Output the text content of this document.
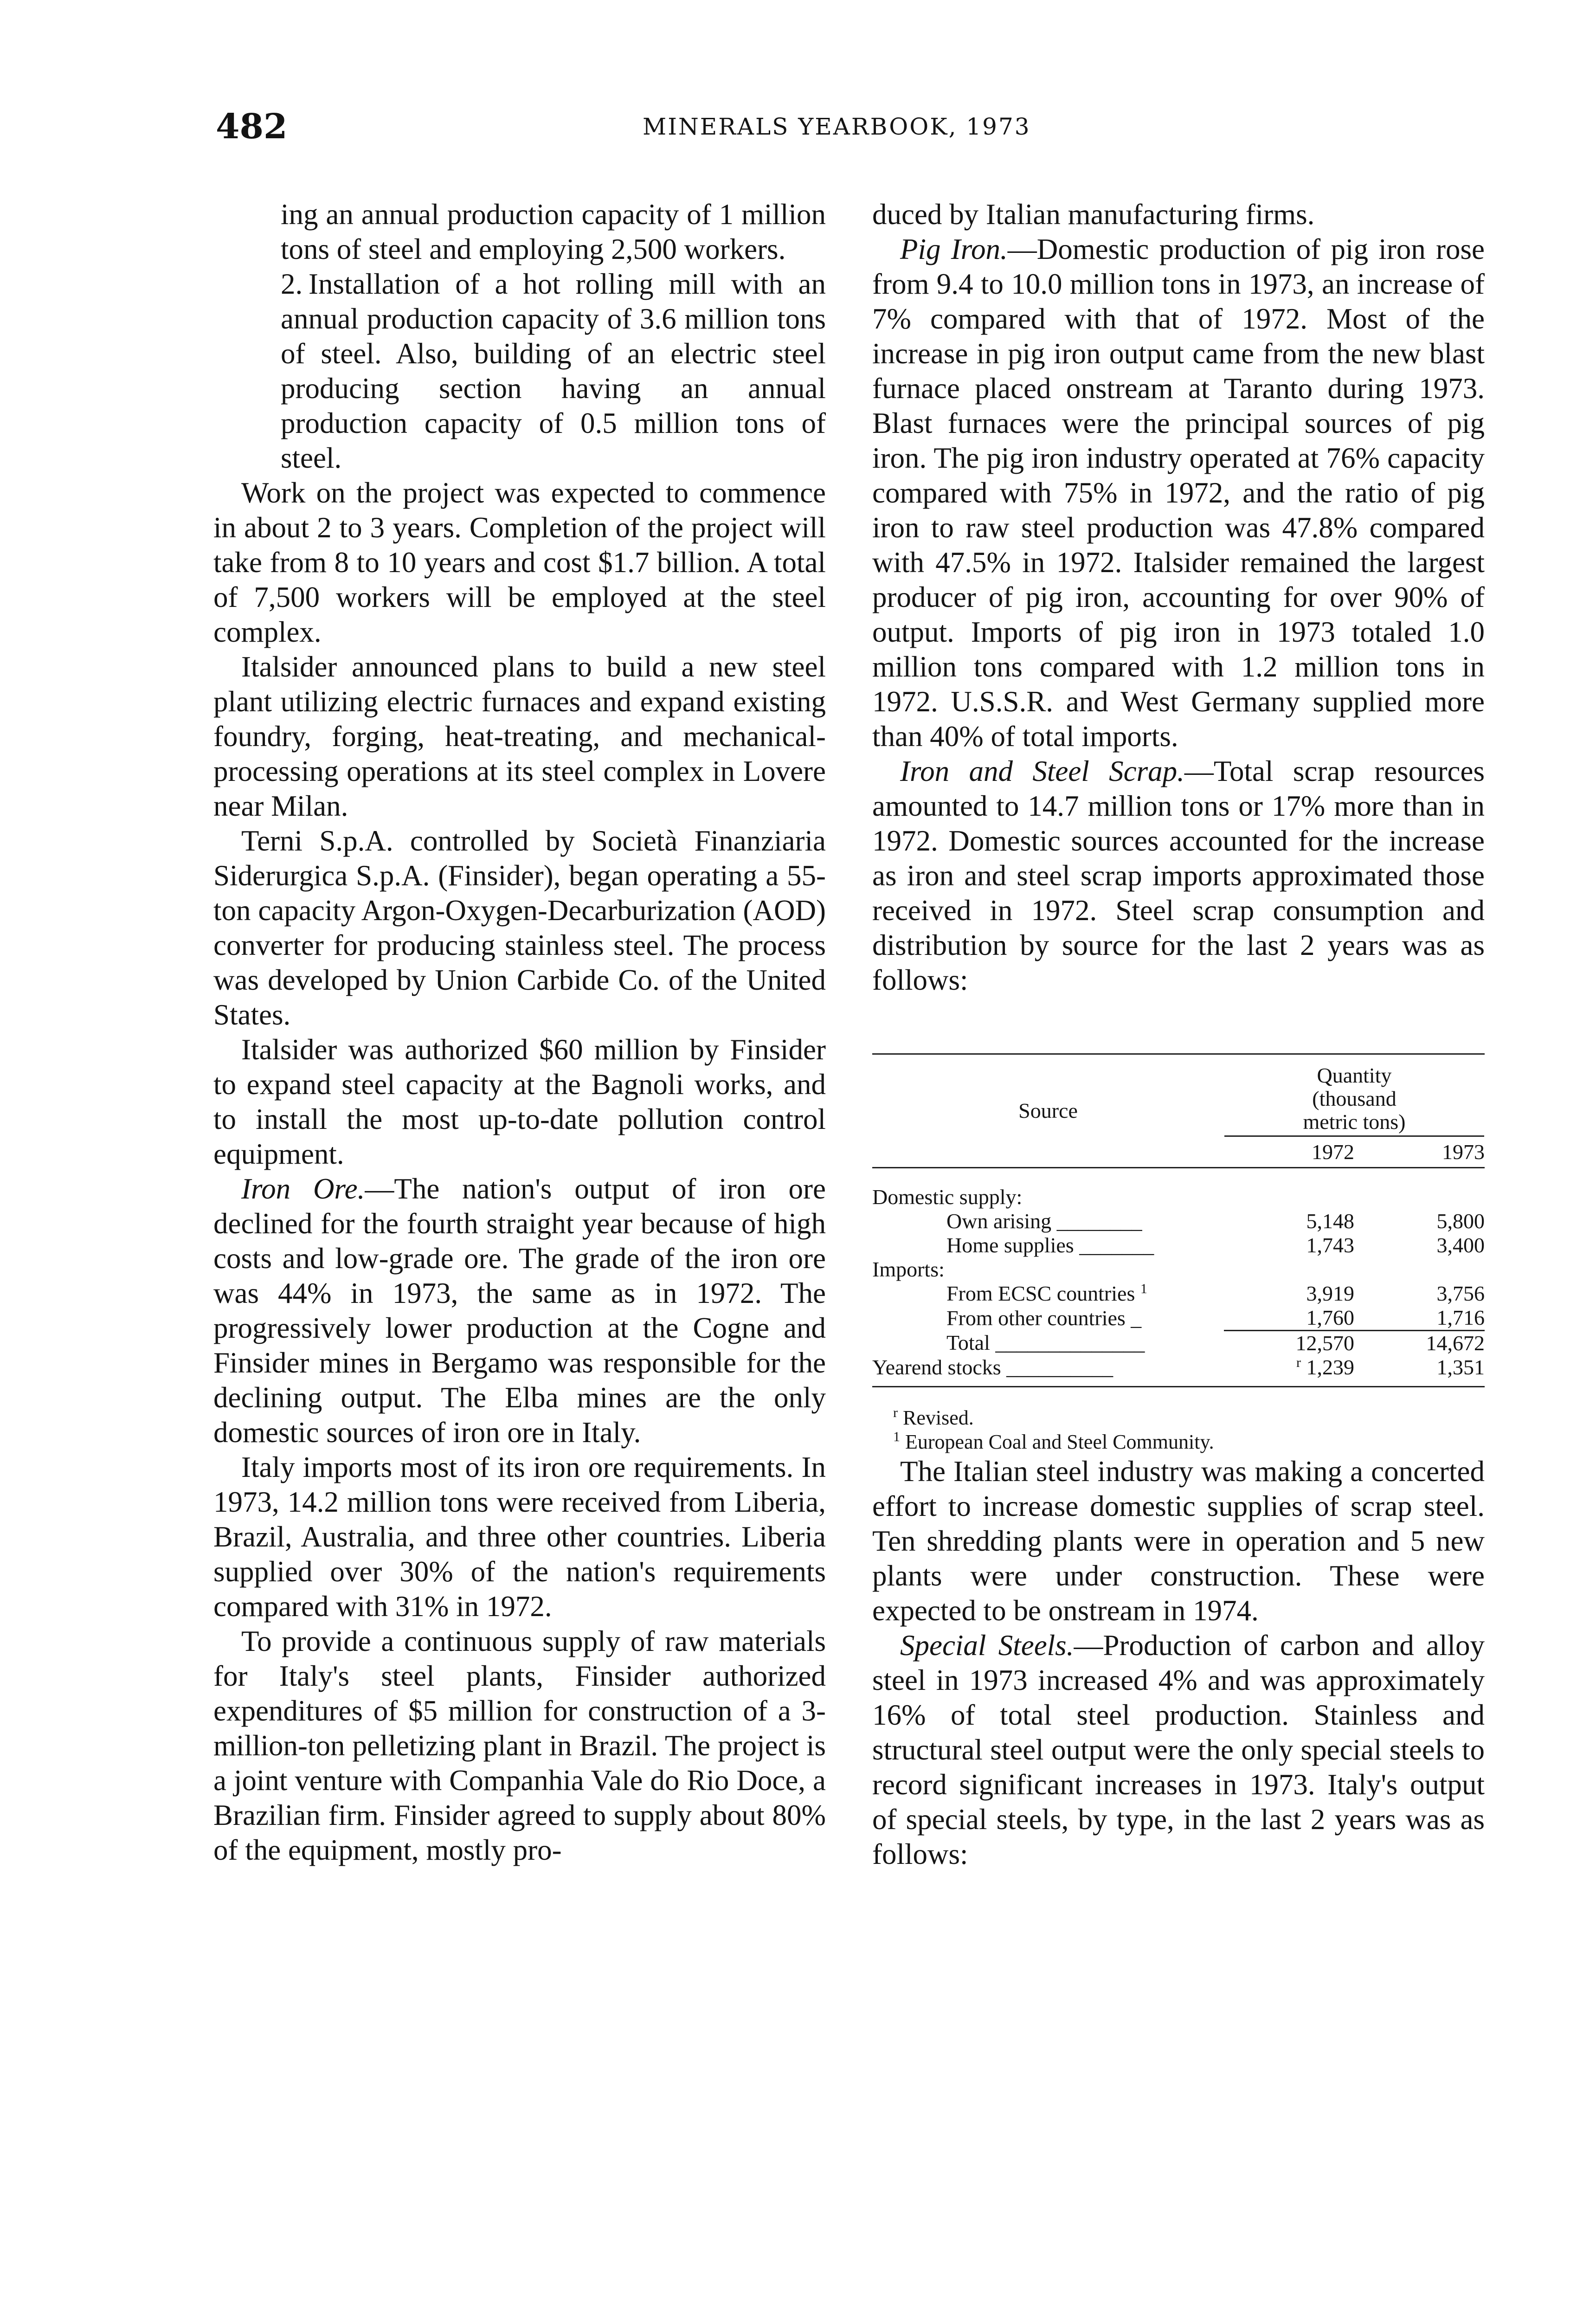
482	MINERALS YEARBOOK, 1973

ing an annual production capacity of 1 million tons of steel and employing 2,500 workers.

2. Installation of a hot rolling mill with an annual production capacity of 3.6 million tons of steel. Also, building of an electric steel producing section having an annual production capacity of 0.5 million tons of steel.

Work on the project was expected to commence in about 2 to 3 years. Completion of the project will take from 8 to 10 years and cost $1.7 billion. A total of 7,500 workers will be employed at the steel complex.

Italsider announced plans to build a new steel plant utilizing electric furnaces and expand existing foundry, forging, heat-treating, and mechanical-processing operations at its steel complex in Lovere near Milan.

Terni S.p.A. controlled by Società Finanziaria Siderurgica S.p.A. (Finsider), began operating a 55-ton capacity Argon-Oxygen-Decarburization (AOD) converter for producing stainless steel. The process was developed by Union Carbide Co. of the United States.

Italsider was authorized $60 million by Finsider to expand steel capacity at the Bagnoli works, and to install the most up-to-date pollution control equipment.

Iron Ore.—The nation's output of iron ore declined for the fourth straight year because of high costs and low-grade ore. The grade of the iron ore was 44% in 1973, the same as in 1972. The progressively lower production at the Cogne and Finsider mines in Bergamo was responsible for the declining output. The Elba mines are the only domestic sources of iron ore in Italy.

Italy imports most of its iron ore requirements. In 1973, 14.2 million tons were received from Liberia, Brazil, Australia, and three other countries. Liberia supplied over 30% of the nation's requirements compared with 31% in 1972.

To provide a continuous supply of raw materials for Italy's steel plants, Finsider authorized expenditures of $5 million for construction of a 3-million-ton pelletizing plant in Brazil. The project is a joint venture with Companhia Vale do Rio Doce, a Brazilian firm. Finsider agreed to supply about 80% of the equipment, mostly pro-

duced by Italian manufacturing firms.

Pig Iron.—Domestic production of pig iron rose from 9.4 to 10.0 million tons in 1973, an increase of 7% compared with that of 1972. Most of the increase in pig iron output came from the new blast furnace placed onstream at Taranto during 1973. Blast furnaces were the principal sources of pig iron. The pig iron industry operated at 76% capacity compared with 75% in 1972, and the ratio of pig iron to raw steel production was 47.8% compared with 47.5% in 1972. Italsider remained the largest producer of pig iron, accounting for over 90% of output. Imports of pig iron in 1973 totaled 1.0 million tons compared with 1.2 million tons in 1972. U.S.S.R. and West Germany supplied more than 40% of total imports.

Iron and Steel Scrap.—Total scrap resources amounted to 14.7 million tons or 17% more than in 1972. Domestic sources accounted for the increase as iron and steel scrap imports approximated those received in 1972. Steel scrap consumption and distribution by source for the last 2 years was as follows:

Source	Quantity
(thousand
metric tons)	
	1972	1973
Domestic supply:		
Own arising ________	5,148	5,800
Home supplies _______	1,743	3,400
Imports:		
From ECSC countries $^1$	3,919	3,756
From other countries _	1,760	1,716
Total ______________	12,570	14,672
Yearend stocks __________	$^r$ 1,239	1,351

$^r$ Revised.
$^1$ European Coal and Steel Community.

The Italian steel industry was making a concerted effort to increase domestic supplies of scrap steel. Ten shredding plants were in operation and 5 new plants were under construction. These were expected to be onstream in 1974.

Special Steels.—Production of carbon and alloy steel in 1973 increased 4% and was approximately 16% of total steel production. Stainless and structural steel output were the only special steels to record significant increases in 1973. Italy's output of special steels, by type, in the last 2 years was as follows:
